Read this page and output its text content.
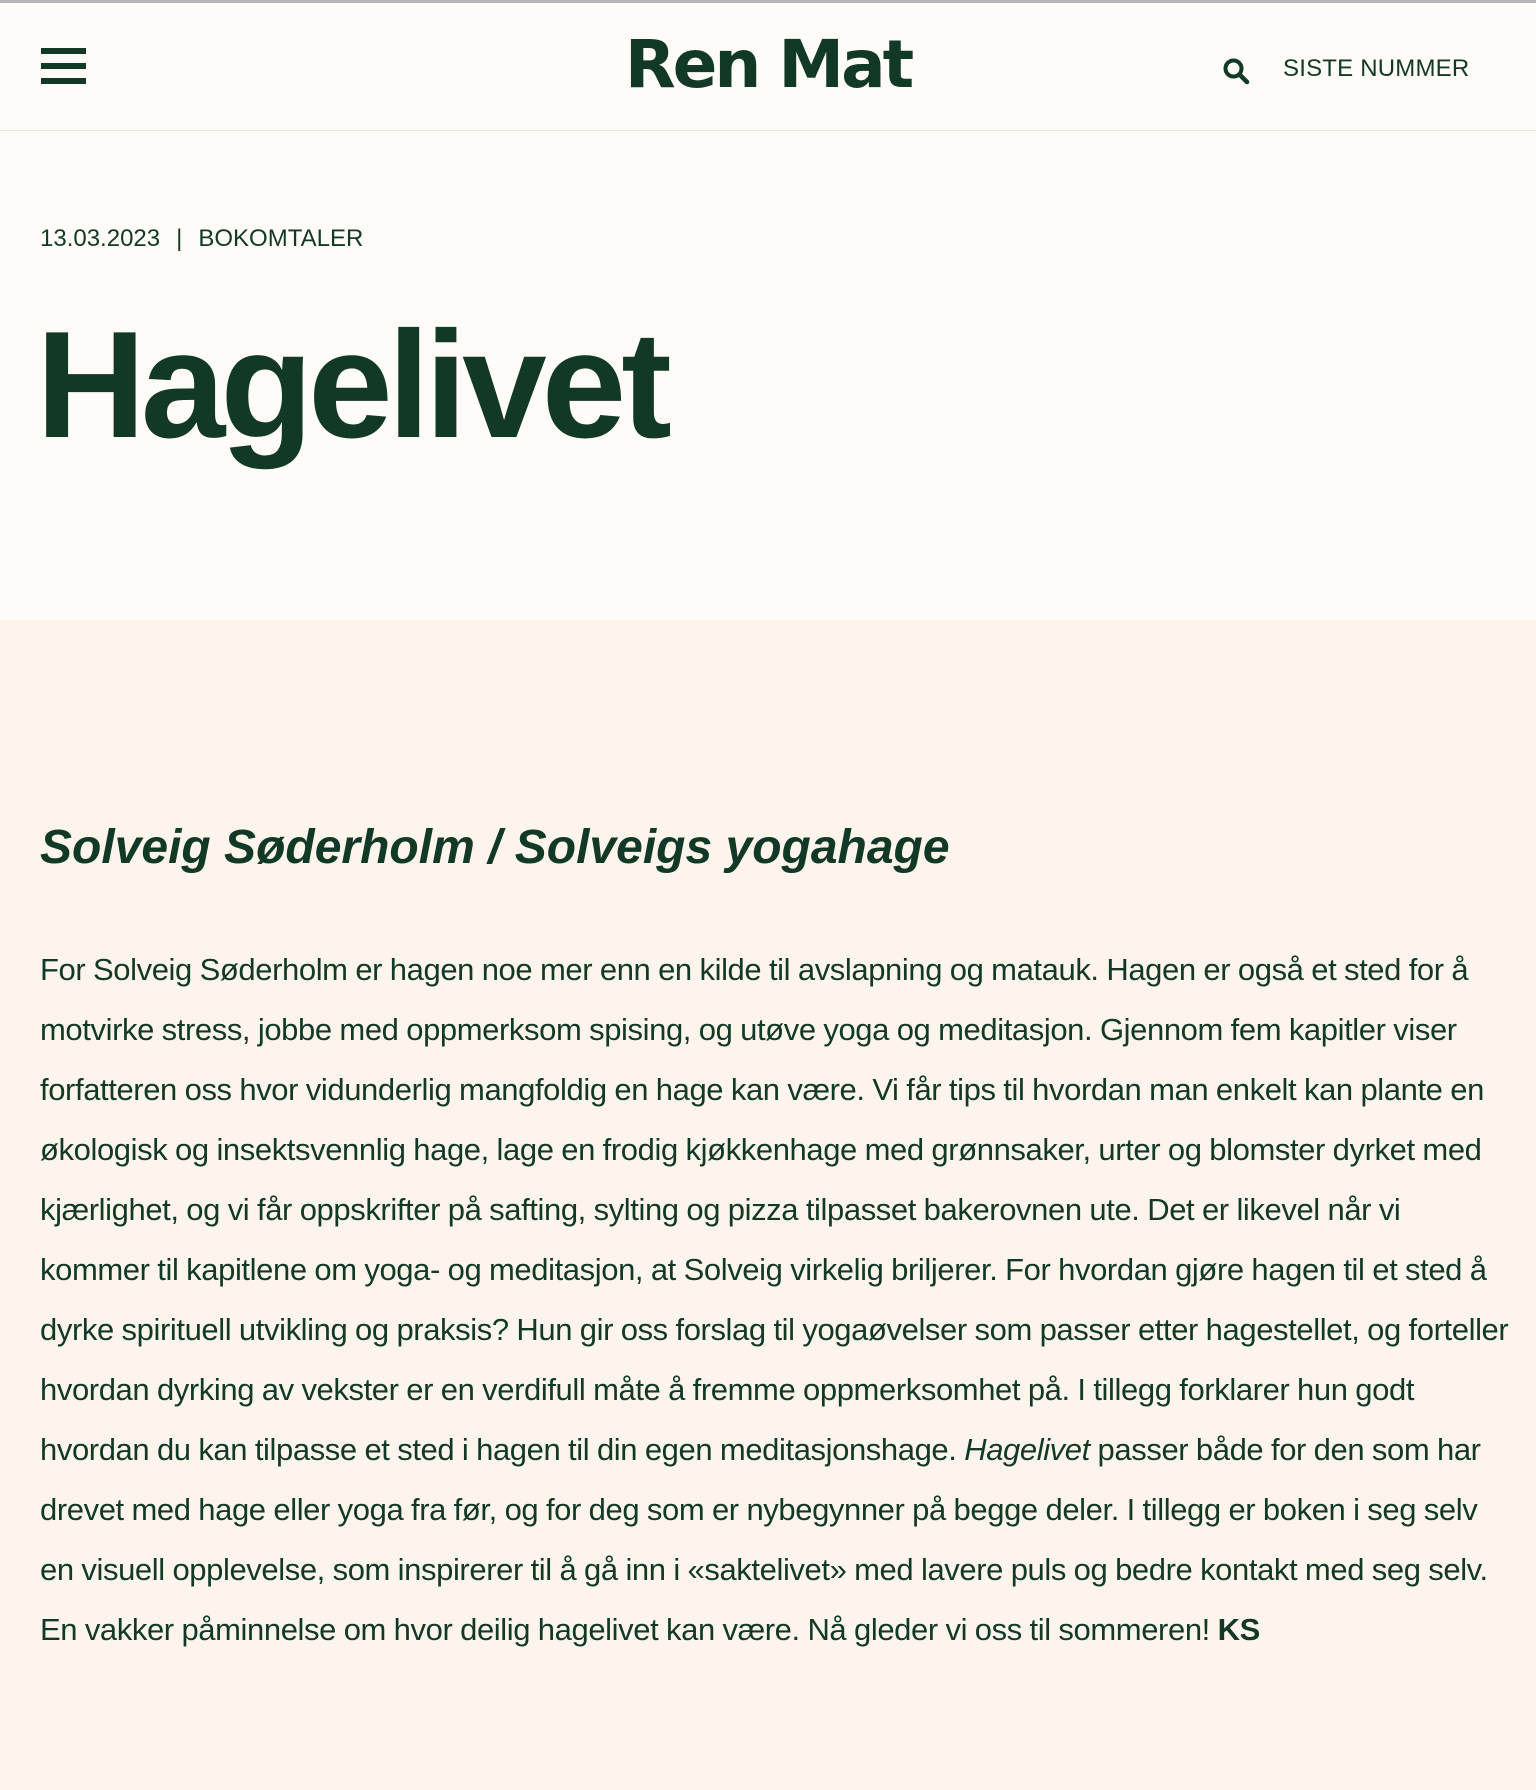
Ren Mat	SISTE NUMMER
13.03.2023 | BOKOMTALER
Hagelivet
Solveig Søderholm / Solveigs yogahage

For Solveig Søderholm er hagen noe mer enn en kilde til avslapning og matauk. Hagen er også et sted for å motvirke stress, jobbe med oppmerksom spising, og utøve yoga og meditasjon. Gjennom fem kapitler viser forfatteren oss hvor vidunderlig mangfoldig en hage kan være. Vi får tips til hvordan man enkelt kan plante en økologisk og insektsvennlig hage, lage en frodig kjøkkenhage med grønnsaker, urter og blomster dyrket med kjærlighet, og vi får oppskrifter på safting, sylting og pizza tilpasset bakerovnen ute. Det er likevel når vi kommer til kapitlene om yoga- og meditasjon, at Solveig virkelig briljerer. For hvordan gjøre hagen til et sted å dyrke spirituell utvikling og praksis? Hun gir oss forslag til yogaøvelser som passer etter hagestellet, og forteller hvordan dyrking av vekster er en verdifull måte å fremme oppmerksomhet på. I tillegg forklarer hun godt hvordan du kan tilpasse et sted i hagen til din egen meditasjonshage. Hagelivet passer både for den som har drevet med hage eller yoga fra før, og for deg som er nybegynner på begge deler. I tillegg er boken i seg selv en visuell opplevelse, som inspirerer til å gå inn i «saktelivet» med lavere puls og bedre kontakt med seg selv. En vakker påminnelse om hvor deilig hagelivet kan være. Nå gleder vi oss til sommeren! KS
